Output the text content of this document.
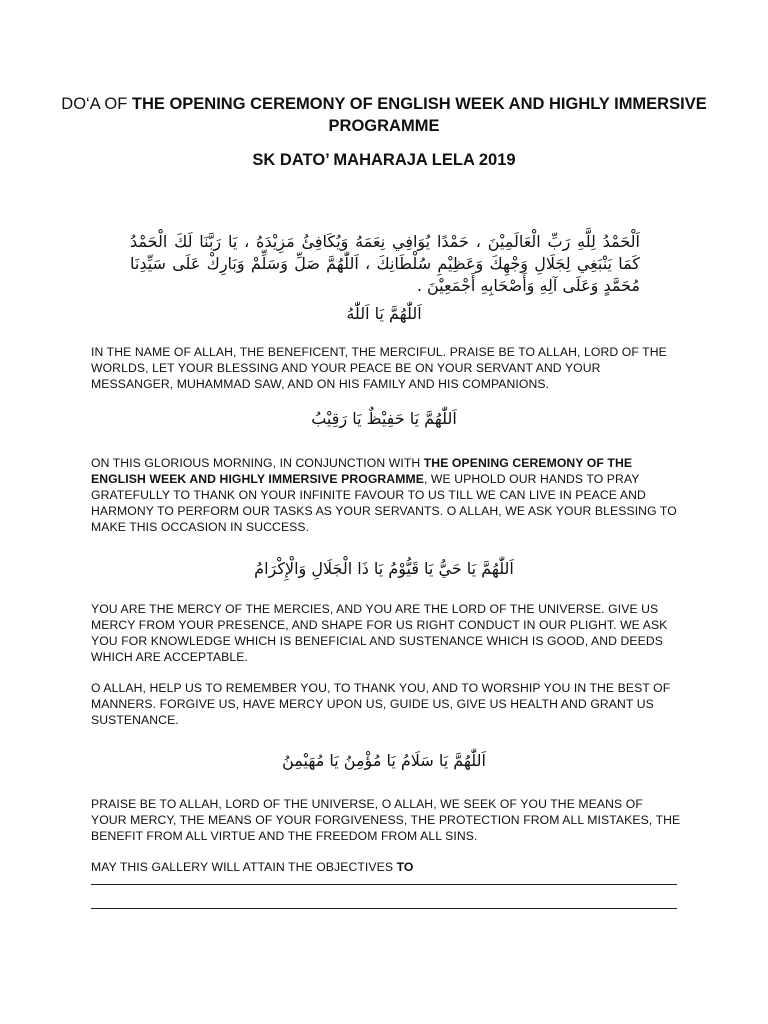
DO‘A OF THE OPENING CEREMONY OF ENGLISH WEEK AND HIGHLY IMMERSIVE PROGRAMME
SK DATO’ MAHARAJA LELA 2019
اَلْحَمْدُ لِلَّهِ رَبِّ الْعَالَمِيْنَ ، حَمْدًا يُوَافِي نِعَمَهُ وَيُكَافِئُ مَزِيْدَهُ ، يَا رَبَّنَا لَكَ الْحَمْدُ كَمَا يَنْبَغِي لِجَلَالِ وَجْهِكَ وَعَظِيْمِ سُلْطَانِكَ ، اَللّٰهُمَّ صَلِّ وَسَلِّمْ وَبَارِكْ عَلَى سَيِّدِنَا مُحَمَّدٍ وَعَلَى آلِهِ وَأَصْحَابِهِ أَجْمَعِيْنَ .
اَللّٰهُمَّ يَا اَللّٰهُ
IN THE NAME OF ALLAH, THE BENEFICENT, THE MERCIFUL. PRAISE BE TO ALLAH, LORD OF THE WORLDS, LET YOUR BLESSING AND YOUR PEACE BE ON YOUR SERVANT AND YOUR MESSANGER, MUHAMMAD SAW, AND ON HIS FAMILY AND HIS COMPANIONS.
اَللّٰهُمَّ يَا حَفِيْظٌ يَا رَقِيْبُ
ON THIS GLORIOUS MORNING, IN CONJUNCTION WITH THE OPENING CEREMONY OF THE ENGLISH WEEK AND HIGHLY IMMERSIVE PROGRAMME, WE UPHOLD OUR HANDS TO PRAY GRATEFULLY TO THANK ON YOUR INFINITE FAVOUR TO US TILL WE CAN LIVE IN PEACE AND HARMONY TO PERFORM OUR TASKS AS YOUR SERVANTS. O ALLAH, WE ASK YOUR BLESSING TO MAKE THIS OCCASION IN SUCCESS.
اَللّٰهُمَّ يَا حَيُّ يَا قَيُّوْمُ يَا ذَا الْجَلَالِ وَالْإِكْرَامُ
YOU ARE THE MERCY OF THE MERCIES, AND YOU ARE THE LORD OF THE UNIVERSE. GIVE US MERCY FROM YOUR PRESENCE, AND SHAPE FOR US RIGHT CONDUCT IN OUR PLIGHT. WE ASK YOU FOR KNOWLEDGE WHICH IS BENEFICIAL AND SUSTENANCE WHICH IS GOOD, AND DEEDS WHICH ARE ACCEPTABLE.
O ALLAH, HELP US TO REMEMBER YOU, TO THANK YOU, AND TO WORSHIP YOU IN THE BEST OF MANNERS. FORGIVE US, HAVE MERCY UPON US, GUIDE US, GIVE US HEALTH AND GRANT US SUSTENANCE.
اَللّٰهُمَّ يَا سَلَامُ يَا مُؤْمِنُ يَا مُهَيْمِنُ
PRAISE BE TO ALLAH, LORD OF THE UNIVERSE, O ALLAH, WE SEEK OF YOU THE MEANS OF YOUR MERCY, THE MEANS OF YOUR FORGIVENESS, THE PROTECTION FROM ALL MISTAKES, THE BENEFIT FROM ALL VIRTUE AND THE FREEDOM FROM ALL SINS.
MAY THIS GALLERY WILL ATTAIN THE OBJECTIVES TO
